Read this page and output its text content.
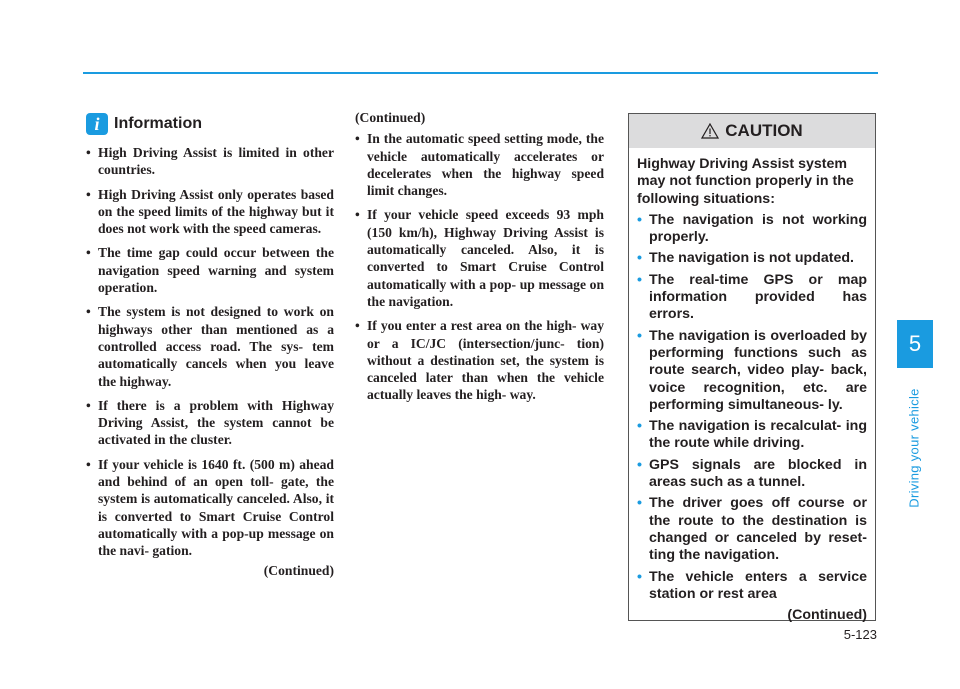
5
Driving your vehicle
i Information
• High Driving Assist is limited in other countries.
• High Driving Assist only operates based on the speed limits of the highway but it does not work with the speed cameras.
• The time gap could occur between the navigation speed warning and system operation.
• The system is not designed to work on highways other than mentioned as a controlled access road. The sys- tem automatically cancels when you leave the highway.
• If there is a problem with Highway Driving Assist, the system cannot be activated in the cluster.
• If your vehicle is 1640 ft. (500 m) ahead and behind of an open toll- gate, the system is automatically canceled. Also, it is converted to Smart Cruise Control automatically with a pop-up message on the navi- gation.
(Continued)
(Continued)
• In the automatic speed setting mode, the vehicle automatically accelerates or decelerates when the highway speed limit changes.
• If your vehicle speed exceeds 93 mph (150 km/h), Highway Driving Assist is automatically canceled. Also, it is converted to Smart Cruise Control automatically with a pop- up message on the navigation.
• If you enter a rest area on the high- way or a IC/JC (intersection/junc- tion) without a destination set, the system is canceled later than when the vehicle actually leaves the high- way.
CAUTION

Highway Driving Assist system may not function properly in the following situations:

• The navigation is not working properly.
• The navigation is not updated.
• The real-time GPS or map information provided has errors.
• The navigation is overloaded by performing functions such as route search, video play- back, voice recognition, etc. are performing simultaneous- ly.
• The navigation is recalculat- ing the route while driving.
• GPS signals are blocked in areas such as a tunnel.
• The driver goes off course or the route to the destination is changed or canceled by reset- ting the navigation.
• The vehicle enters a service station or rest area
(Continued)
5-123
